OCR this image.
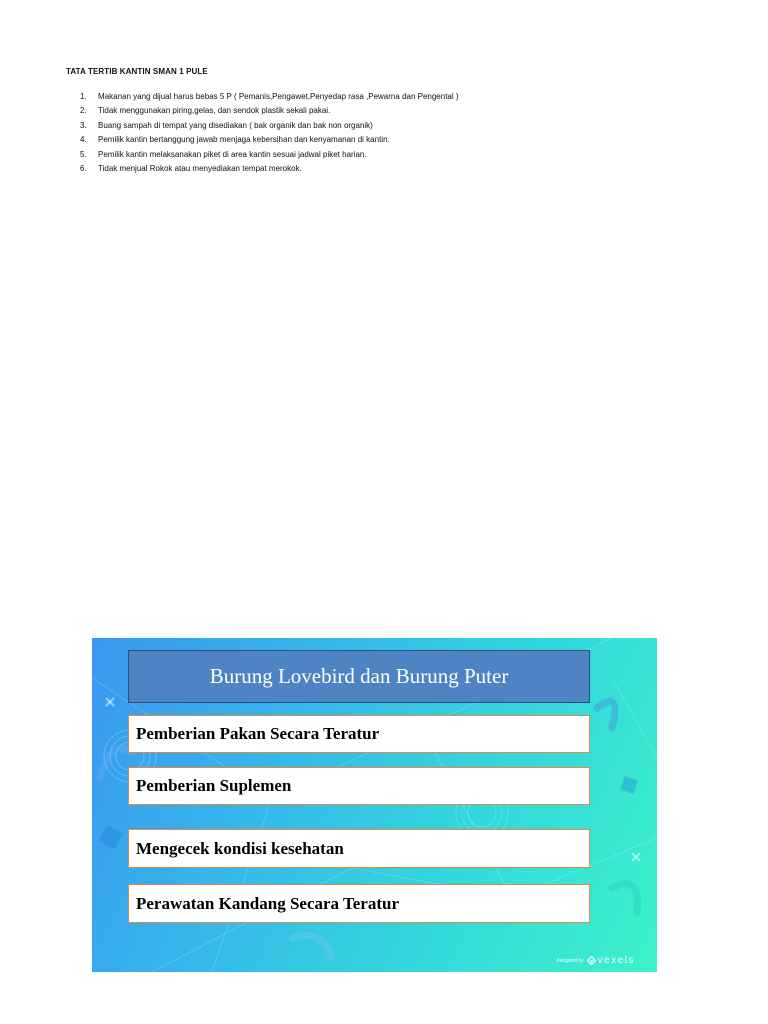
TATA TERTIB KANTIN SMAN 1 PULE
1.	Makanan yang dijual harus bebas 5 P ( Pemanis,Pengawet,Penyedap rasa ,Pewarna dan Pengental )
2.	Tidak menggunakan piring,gelas, dan sendok plastik sekali pakai.
3.	Buang sampah di tempat yang disediakan ( bak organik dan bak non organik)
4.	Pemilik kantin bertanggung jawab menjaga kebersihan dan kenyamanan di kantin.
5.	Pemilik kantin melaksanakan piket di area kantin sesuai jadwal piket harian.
6.	Tidak menjual Rokok atau menyediakan tempat merokok.
Burung Lovebird dan Burung Puter
Pemberian Pakan Secara Teratur
Pemberian Suplemen
Mengecek kondisi kesehatan
Perawatan Kandang Secara Teratur
designed by vexels
